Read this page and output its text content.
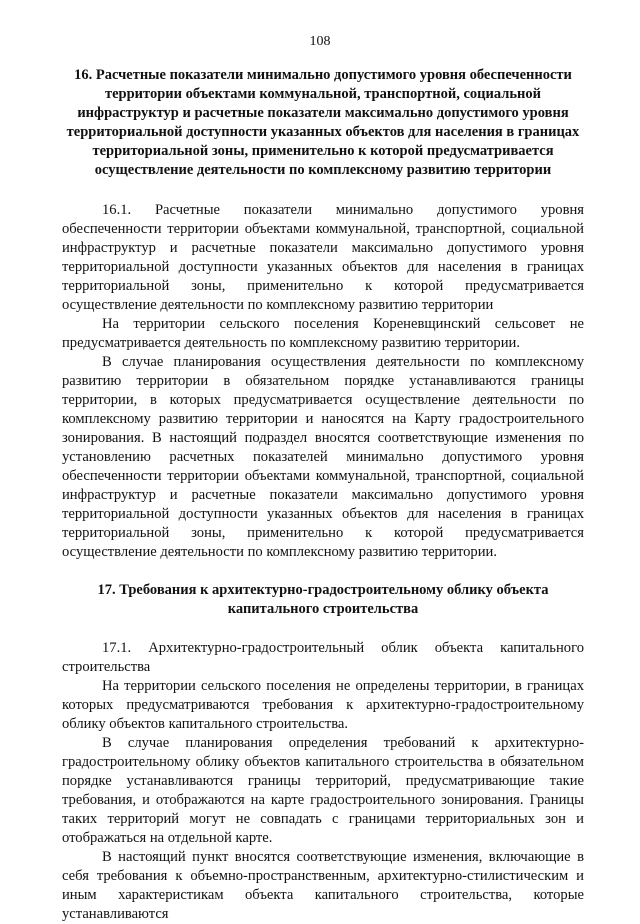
108
16. Расчетные показатели минимально допустимого уровня обеспеченности территории объектами коммунальной, транспортной, социальной инфраструктур и расчетные показатели максимально допустимого уровня территориальной доступности указанных объектов для населения в границах территориальной зоны, применительно к которой предусматривается осуществление деятельности по комплексному развитию территории

16.1. Расчетные показатели минимально допустимого уровня обеспеченности территории объектами коммунальной, транспортной, социальной инфраструктур и расчетные показатели максимально допустимого уровня территориальной доступности указанных объектов для населения в границах территориальной зоны, применительно к которой предусматривается осуществление деятельности по комплексному развитию территории

На территории сельского поселения Кореневщинский сельсовет не предусматривается деятельность по комплексному развитию территории.

В случае планирования осуществления деятельности по комплексному развитию территории в обязательном порядке устанавливаются границы территории, в которых предусматривается осуществление деятельности по комплексному развитию территории и наносятся на Карту градостроительного зонирования. В настоящий подраздел вносятся соответствующие изменения по установлению расчетных показателей минимально допустимого уровня обеспеченности территории объектами коммунальной, транспортной, социальной инфраструктур и расчетные показатели максимально допустимого уровня территориальной доступности указанных объектов для населения в границах территориальной зоны, применительно к которой предусматривается осуществление деятельности по комплексному развитию территории.

17. Требования к архитектурно-градостроительному облику объекта капитального строительства

17.1. Архитектурно-градостроительный облик объекта капитального строительства

На территории сельского поселения не определены территории, в границах которых предусматриваются требования к архитектурно-градостроительному облику объектов капитального строительства.

В случае планирования определения требований к архитектурно-градостроительному облику объектов капитального строительства в обязательном порядке устанавливаются границы территорий, предусматривающие такие требования, и отображаются на карте градостроительного зонирования. Границы таких территорий могут не совпадать с границами территориальных зон и отображаться на отдельной карте.

В настоящий пункт вносятся соответствующие изменения, включающие в себя требования к объемно-пространственным, архитектурно-стилистическим и иным характеристикам объекта капитального строительства, которые устанавливаются
